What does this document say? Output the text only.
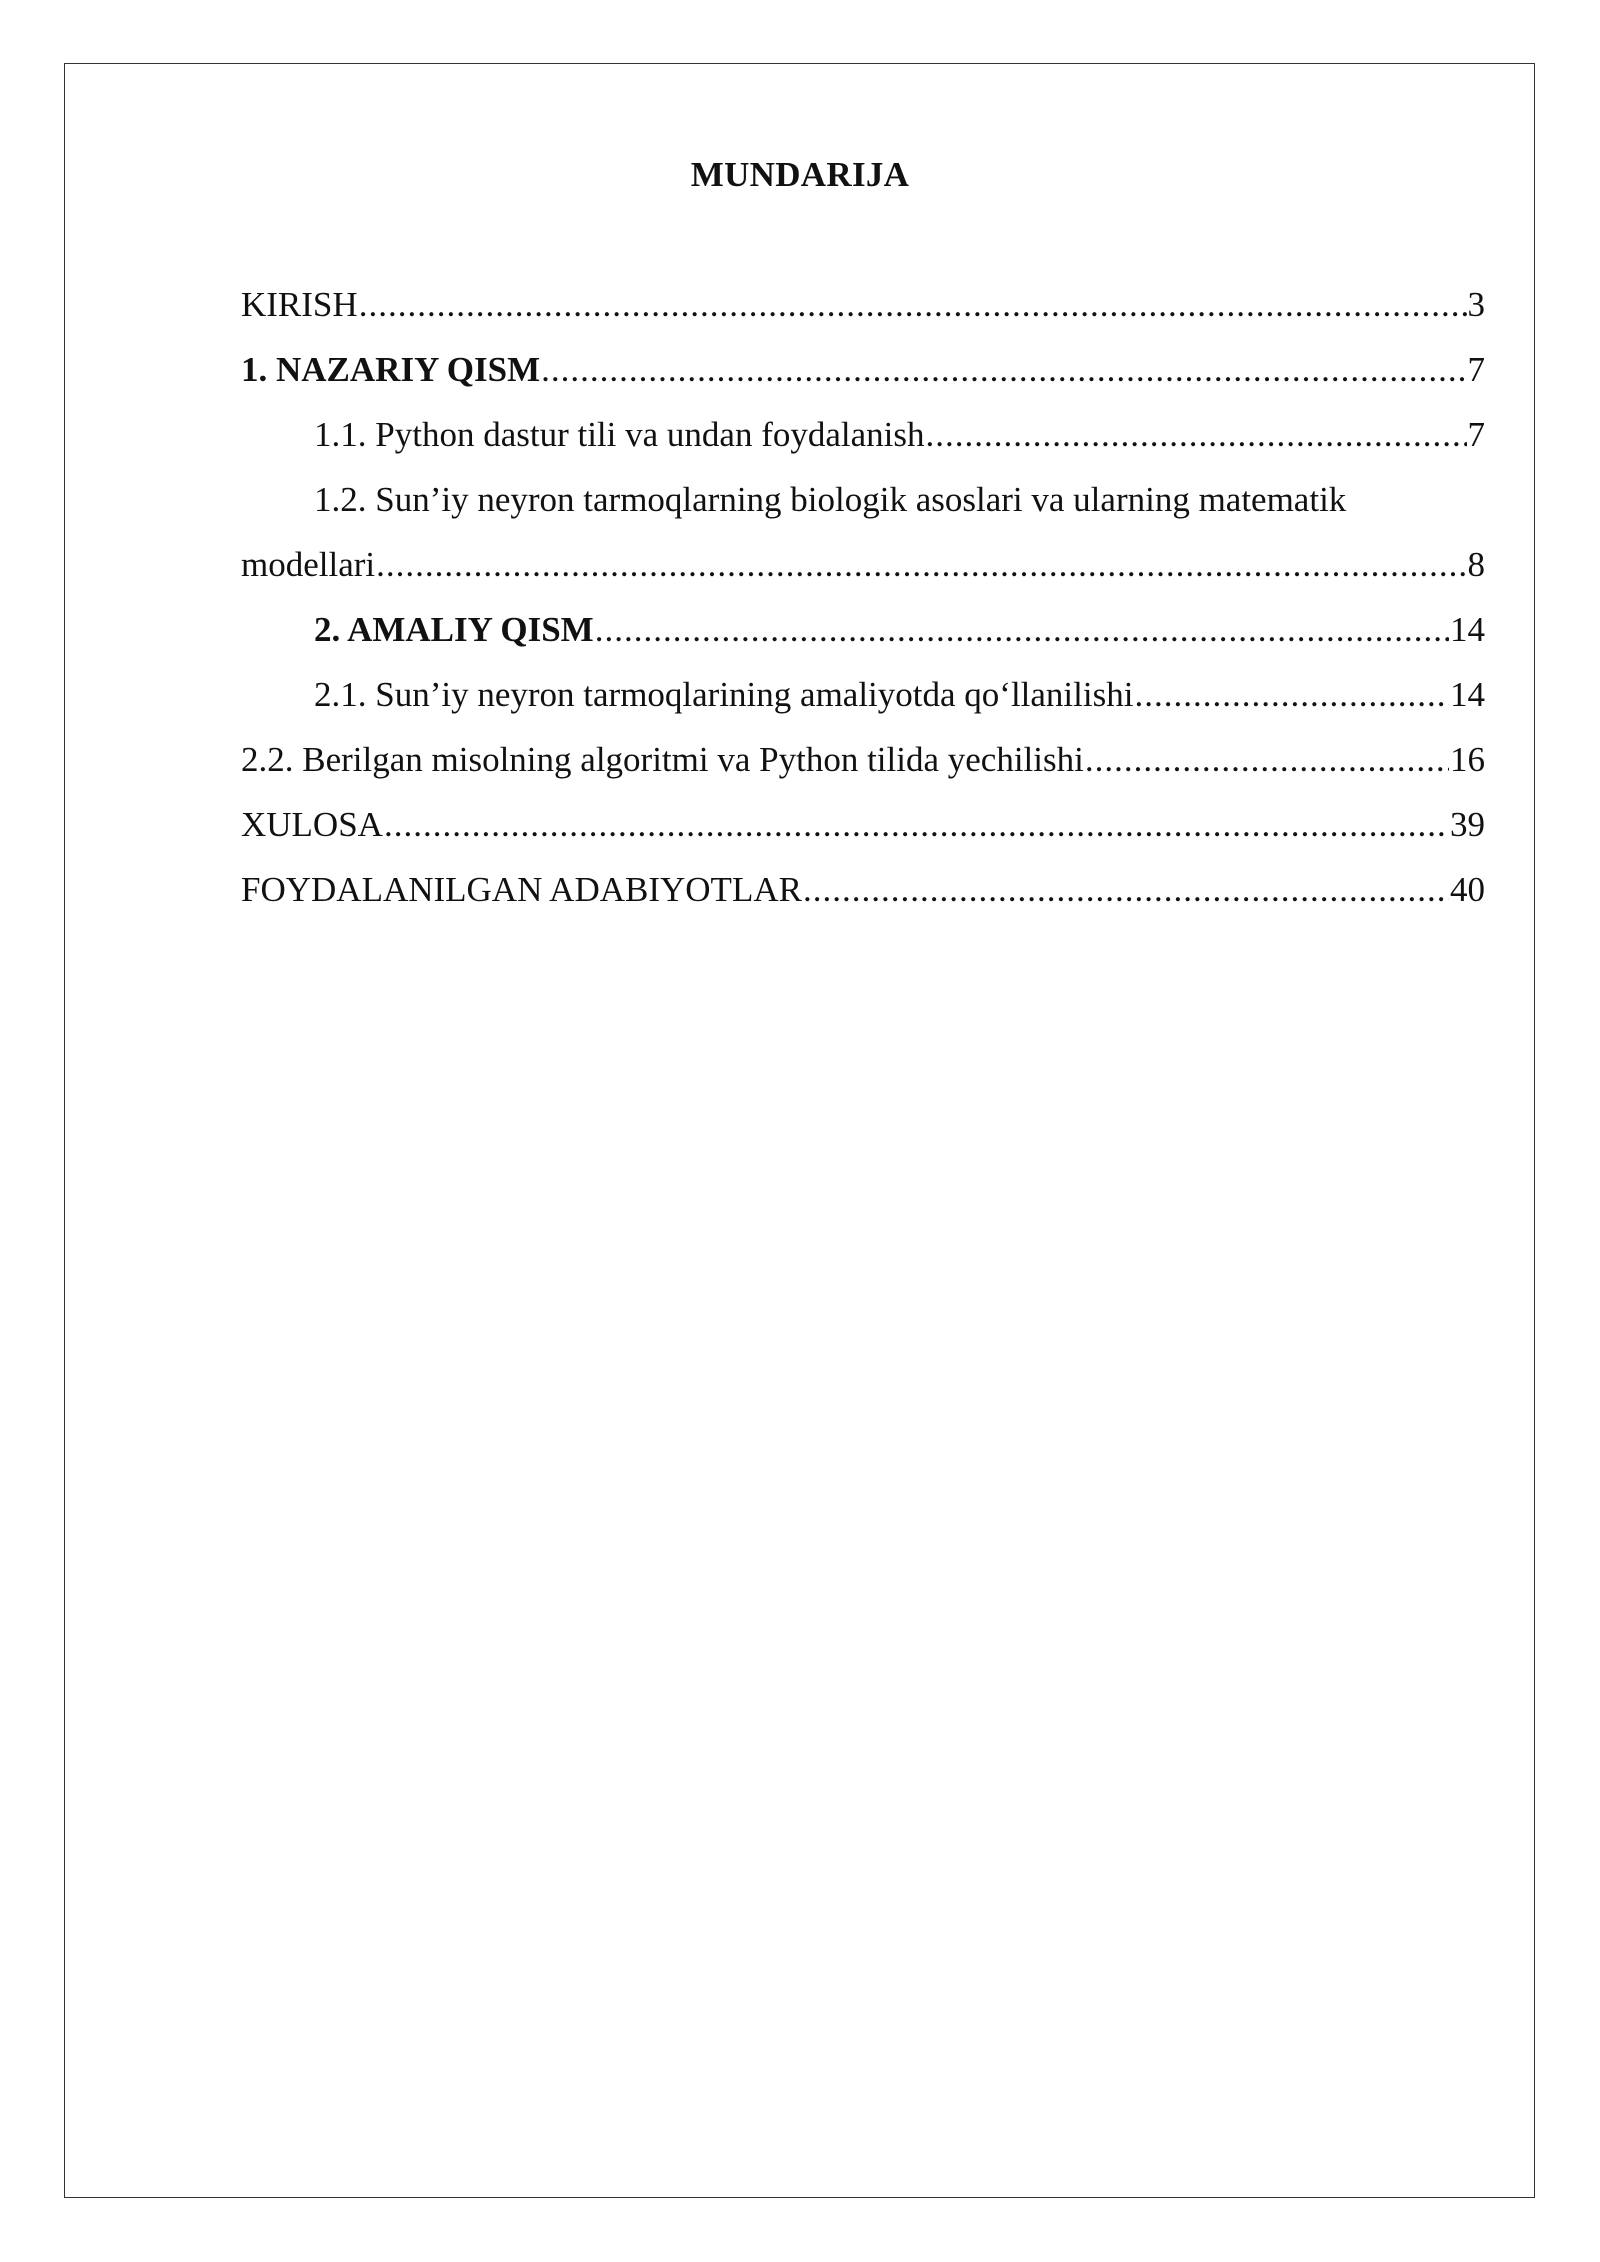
MUNDARIJA
KIRISH .....	3
1. NAZARIY QISM .....	7
1.1. Python dastur tili va undan foydalanish .....	7
1.2. Sun’iy neyron tarmoqlarning biologik asoslari va ularning matematik
modellari .....	8
2. AMALIY QISM .....	14
2.1. Sun’iy neyron tarmoqlarining amaliyotda qo‘llanilishi .....	14
2.2. Berilgan misolning algoritmi va Python tilida yechilishi .....	16
XULOSA .....	39
FOYDALANILGAN ADABIYOTLAR .....	40
